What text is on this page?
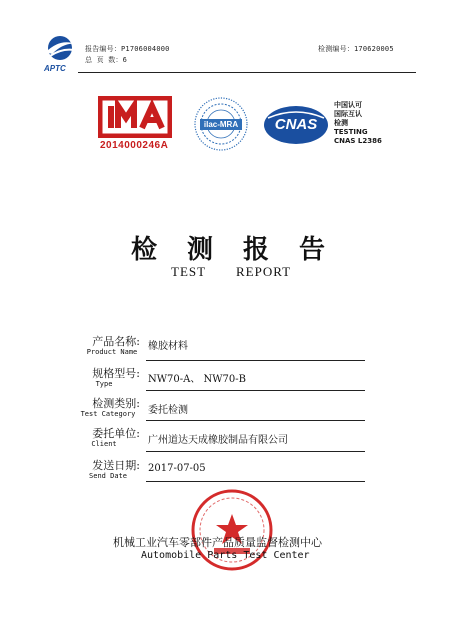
APTC
报告编号：P1706004000
总 页 数：6
检测编号：170620005
2014000246A
ilac-MRA	CNAS
中国认可
国际互认
检测
TESTING
CNAS L2386
检 测 报 告
TEST REPORT
产品名称:
Product Name	橡胶材料
规格型号:
Type	NW70-A、 NW70-B
检测类别:
Test Category	委托检测
委托单位:
Client	广州道达天成橡胶制品有限公司
发送日期:
Send Date
2017-07-05
机械工业汽车零部件产品质量监督检测中心
Automobile Parts Test Center
